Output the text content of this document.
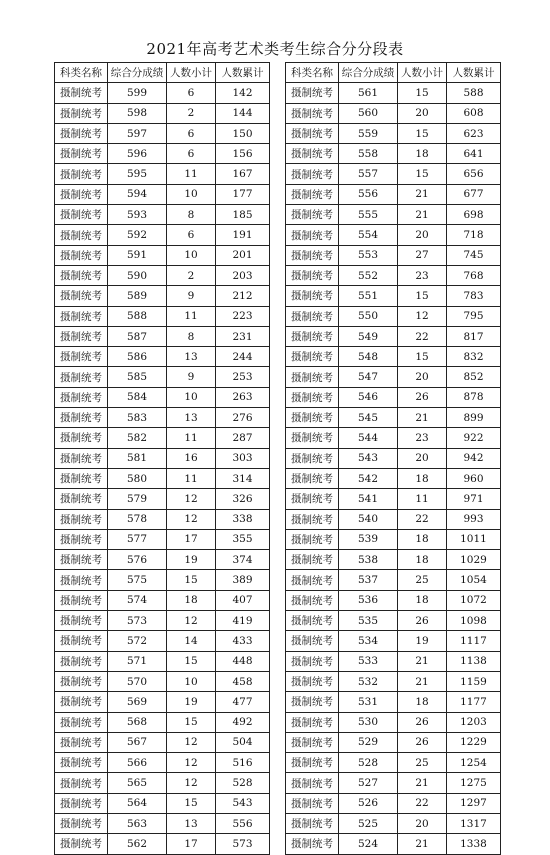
2021年高考艺术类考生综合分分段表
科类名称	综合分成绩	人数小计	人数累计
摄制统考	599	6	142
摄制统考	598	2	144
摄制统考	597	6	150
摄制统考	596	6	156
摄制统考	595	11	167
摄制统考	594	10	177
摄制统考	593	8	185
摄制统考	592	6	191
摄制统考	591	10	201
摄制统考	590	2	203
摄制统考	589	9	212
摄制统考	588	11	223
摄制统考	587	8	231
摄制统考	586	13	244
摄制统考	585	9	253
摄制统考	584	10	263
摄制统考	583	13	276
摄制统考	582	11	287
摄制统考	581	16	303
摄制统考	580	11	314
摄制统考	579	12	326
摄制统考	578	12	338
摄制统考	577	17	355
摄制统考	576	19	374
摄制统考	575	15	389
摄制统考	574	18	407
摄制统考	573	12	419
摄制统考	572	14	433
摄制统考	571	15	448
摄制统考	570	10	458
摄制统考	569	19	477
摄制统考	568	15	492
摄制统考	567	12	504
摄制统考	566	12	516
摄制统考	565	12	528
摄制统考	564	15	543
摄制统考	563	13	556
摄制统考	562	17	573
科类名称	综合分成绩	人数小计	人数累计
摄制统考	561	15	588
摄制统考	560	20	608
摄制统考	559	15	623
摄制统考	558	18	641
摄制统考	557	15	656
摄制统考	556	21	677
摄制统考	555	21	698
摄制统考	554	20	718
摄制统考	553	27	745
摄制统考	552	23	768
摄制统考	551	15	783
摄制统考	550	12	795
摄制统考	549	22	817
摄制统考	548	15	832
摄制统考	547	20	852
摄制统考	546	26	878
摄制统考	545	21	899
摄制统考	544	23	922
摄制统考	543	20	942
摄制统考	542	18	960
摄制统考	541	11	971
摄制统考	540	22	993
摄制统考	539	18	1011
摄制统考	538	18	1029
摄制统考	537	25	1054
摄制统考	536	18	1072
摄制统考	535	26	1098
摄制统考	534	19	1117
摄制统考	533	21	1138
摄制统考	532	21	1159
摄制统考	531	18	1177
摄制统考	530	26	1203
摄制统考	529	26	1229
摄制统考	528	25	1254
摄制统考	527	21	1275
摄制统考	526	22	1297
摄制统考	525	20	1317
摄制统考	524	21	1338
